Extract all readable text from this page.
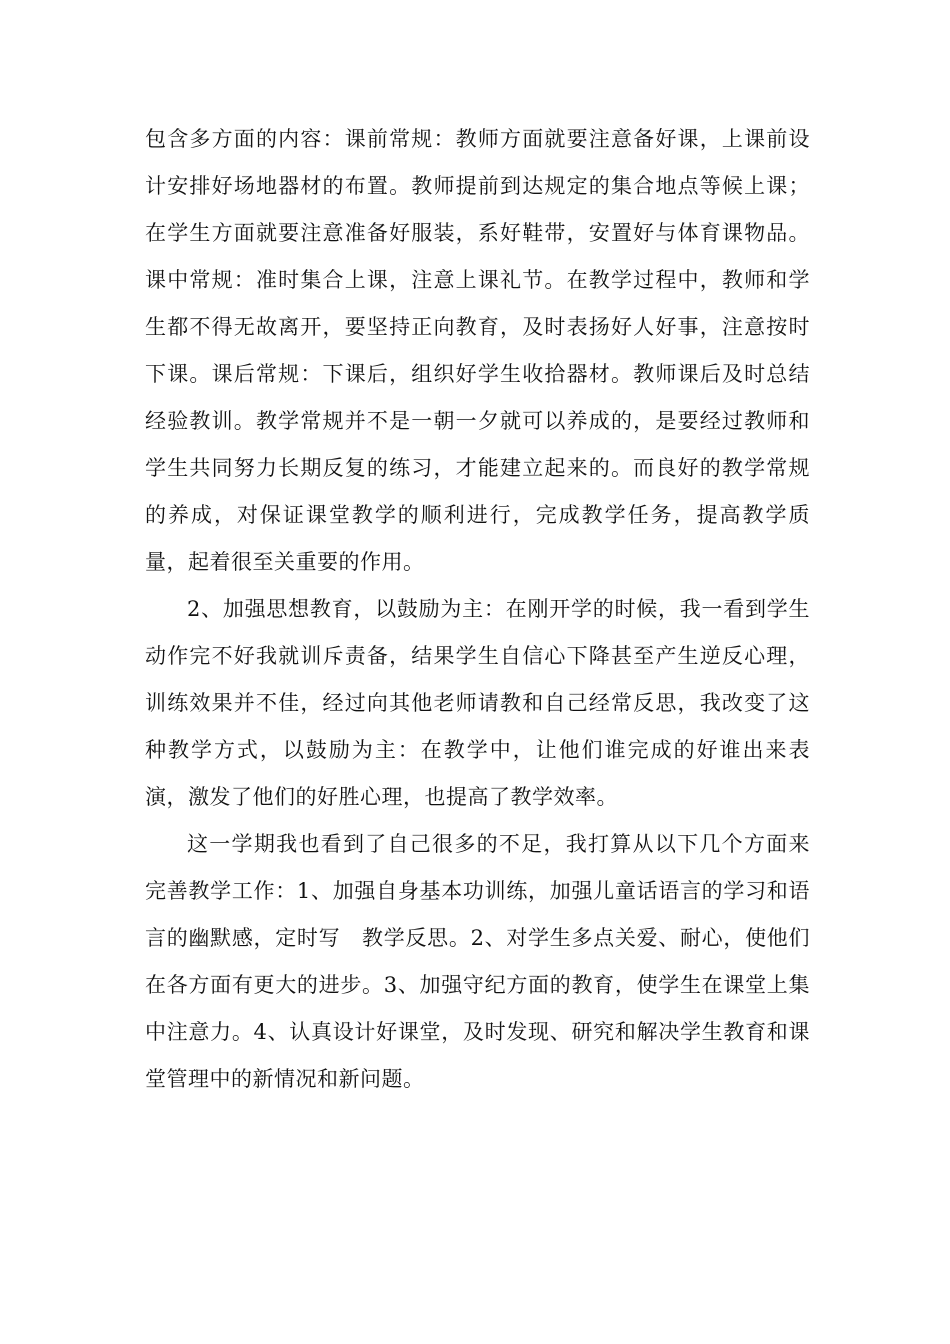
包含多方面的内容：课前常规：教师方面就要注意备好课，上课前设计安排好场地器材的布置。教师提前到达规定的集合地点等候上课；在学生方面就要注意准备好服装，系好鞋带，安置好与体育课物品。课中常规：准时集合上课，注意上课礼节。在教学过程中，教师和学生都不得无故离开，要坚持正向教育，及时表扬好人好事，注意按时下课。课后常规：下课后，组织好学生收拾器材。教师课后及时总结经验教训。教学常规并不是一朝一夕就可以养成的，是要经过教师和学生共同努力长期反复的练习，才能建立起来的。而良好的教学常规的养成，对保证课堂教学的顺利进行，完成教学任务，提高教学质量，起着很至关重要的作用。

2、加强思想教育，以鼓励为主：在刚开学的时候，我一看到学生动作完不好我就训斥责备，结果学生自信心下降甚至产生逆反心理，训练效果并不佳，经过向其他老师请教和自己经常反思，我改变了这种教学方式，以鼓励为主：在教学中，让他们谁完成的好谁出来表演，激发了他们的好胜心理，也提高了教学效率。

这一学期我也看到了自己很多的不足，我打算从以下几个方面来完善教学工作：1、加强自身基本功训练，加强儿童话语言的学习和语言的幽默感，定时写　教学反思。2、对学生多点关爱、耐心，使他们在各方面有更大的进步。3、加强守纪方面的教育，使学生在课堂上集中注意力。4、认真设计好课堂，及时发现、研究和解决学生教育和课堂管理中的新情况和新问题。
